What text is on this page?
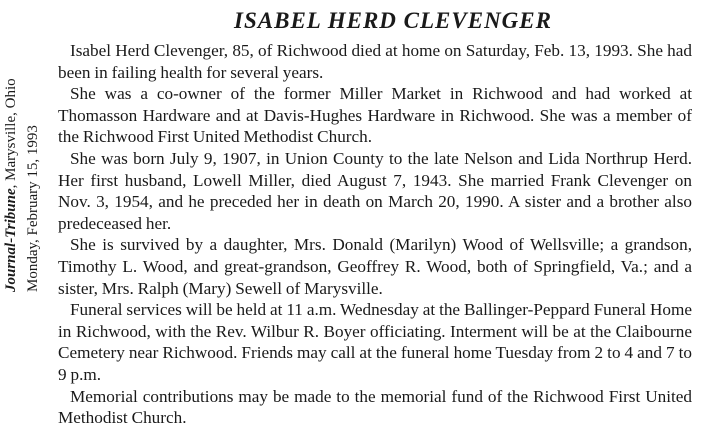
Journal-Tribune, Marysville, Ohio Monday, February 15, 1993
ISABEL HERD CLEVENGER

Isabel Herd Clevenger, 85, of Richwood died at home on Saturday, Feb. 13, 1993. She had been in failing health for several years.

She was a co-owner of the former Miller Market in Richwood and had worked at Thomasson Hardware and at Davis-Hughes Hardware in Richwood. She was a member of the Richwood First United Methodist Church.

She was born July 9, 1907, in Union County to the late Nelson and Lida Northrup Herd. Her first husband, Lowell Miller, died August 7, 1943. She married Frank Clevenger on Nov. 3, 1954, and he preceded her in death on March 20, 1990. A sister and a brother also predeceased her.

She is survived by a daughter, Mrs. Donald (Marilyn) Wood of Wellsville; a grandson, Timothy L. Wood, and great-grandson, Geoffrey R. Wood, both of Springfield, Va.; and a sister, Mrs. Ralph (Mary) Sewell of Marysville.

Funeral services will be held at 11 a.m. Wednesday at the Ballinger-Peppard Funeral Home in Richwood, with the Rev. Wilbur R. Boyer officiating. Interment will be at the Claibourne Cemetery near Richwood. Friends may call at the funeral home Tuesday from 2 to 4 and 7 to 9 p.m.

Memorial contributions may be made to the memorial fund of the Richwood First United Methodist Church.
